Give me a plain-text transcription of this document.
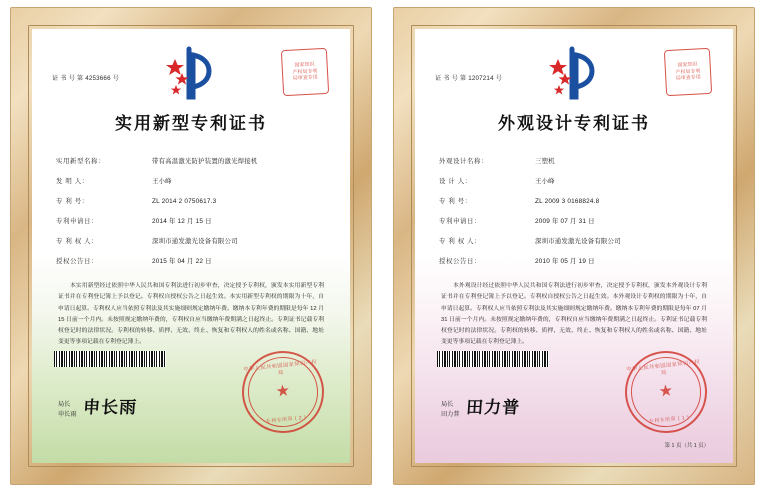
证 书 号 第 4253666 号
国家知识
产权局专利
局审查专用
实用新型专利证书
实用新型名称：	带有高温激光防护装置的激光焊接机
发 明 人：	王小峰
专 利 号：	ZL 2014 2 0750617.3
专利申请日：	2014 年 12 月 15 日
专 利 权 人：	深圳市通发激光设备有限公司
授权公告日：	2015 年 04 月 22 日
本实用新型经过依照中华人民共和国专利法进行初步审查，决定授予专利权，颁发本实用新型专利证书并在专利登记簿上予以登记。专利权自授权公告之日起生效。本实用新型专利权的期限为十年，自申请日起算。专利权人应当依照专利法及其实施细则规定缴纳年费。缴纳本专利年费的期限是每年 12 月 15 日前一个月内。未按照规定缴纳年费的，专利权自应当缴纳年费期满之日起终止。专利证书记载专利权登记时的法律状况。专利权的转移、质押、无效、终止、恢复和专利权人的姓名或名称、国籍、地址变更等事项记载在专利登记簿上。
局长
申长雨 申长雨
中华人民共和国国家知识产权局
★
专利专用章 ( 2 )
证 书 号 第 1207214 号
国家知识
产权局专利
局审查专用
外观设计专利证书
外观设计名称：	三塑机
设 计 人：	王小峰
专 利 号：	ZL 2009 3 0168824.8
专利申请日：	2009 年 07 月 31 日
专 利 权 人：	深圳市通发激光设备有限公司
授权公告日：	2010 年 05 月 19 日
本外观设计经过依照中华人民共和国专利法进行初步审查，决定授予专利权，颁发本外观设计专利证书并在专利登记簿上予以登记。专利权自授权公告之日起生效。本外观设计专利权的期限为十年，自申请日起算。专利权人应当依照专利法及其实施细则规定缴纳年费。缴纳本专利年费的期限是每年 07 月 31 日前一个月内。未按照规定缴纳年费的，专利权自应当缴纳年费期满之日起终止。专利证书记载专利权登记时的法律状况。专利权的转移、质押、无效、终止、恢复和专利权人的姓名或名称、国籍、地址变更等事项记载在专利登记簿上。
局长
田力普 田力普
中华人民共和国国家知识产权局
★
专利专用章 ( 1 )
第 1 页（共 1 页）
